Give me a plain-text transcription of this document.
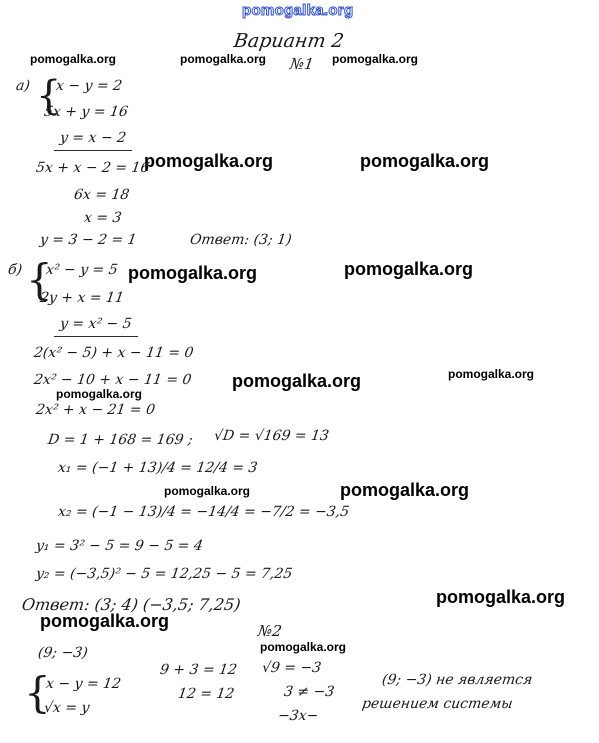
pomogalka.org
Вариант 2
№1
pomogalka.org	pomogalka.org	pomogalka.org
а) {
x − y = 2
5x + y = 16
y = x − 2
5x + x − 2 = 16
pomogalka.org	pomogalka.org
6x = 18
x = 3
y = 3 − 2 = 1	Ответ: (3; 1)
б) {
x² − y = 5 pomogalka.org	pomogalka.org
2y + x = 11
y = x² − 5
2(x² − 5) + x − 11 = 0
2x² − 10 + x − 11 = 0 pomogalka.org	pomogalka.org
pomogalka.org
2x² + x − 21 = 0
D = 1 + 168 = 169 ; √D = √169 = 13
x₁ = (−1 + 13)/4 = 12/4 = 3
pomogalka.org	pomogalka.org
x₂ = (−1 − 13)/4 = −14/4 = −7/2 = −3,5
y₁ = 3² − 5 = 9 − 5 = 4
y₂ = (−3,5)² − 5 = 12,25 − 5 = 7,25
Ответ: (3; 4) (−3,5; 7,25)	pomogalka.org
pomogalka.org	№2
pomogalka.org
(9; −3)
{
x − y = 12
√x = y
9 + 3 = 12
12 = 12
√9 = −3
3 ≠ −3
−3x−
(9; −3) не является
решением системы
